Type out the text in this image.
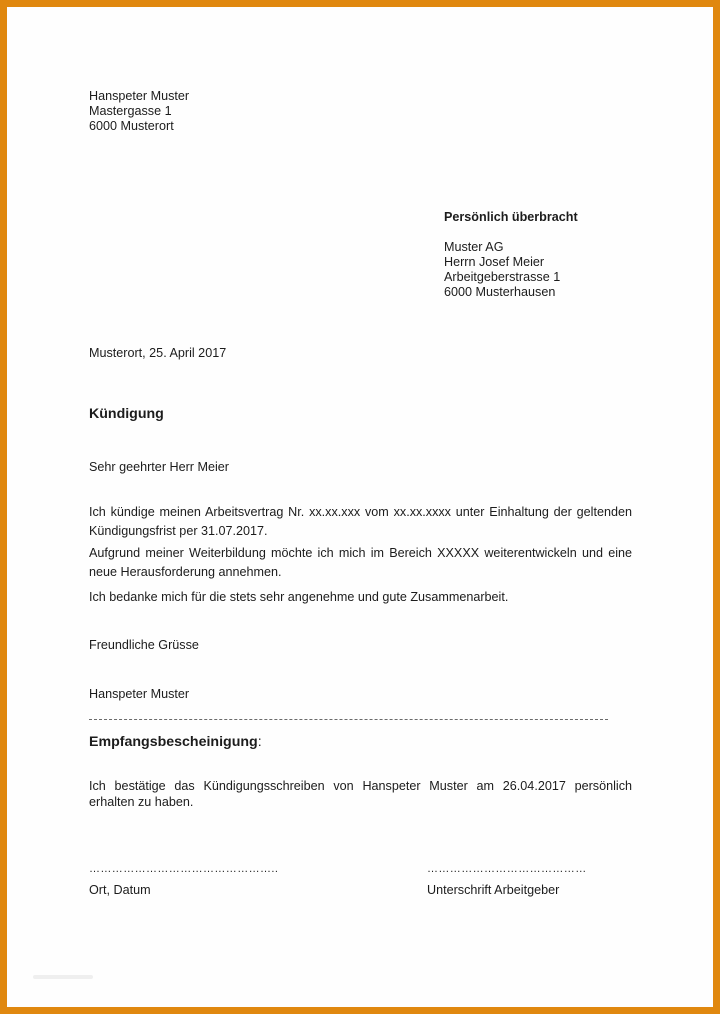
Hanspeter Muster
Mastergasse 1
6000 Musterort
Persönlich überbracht
Muster AG
Herrn Josef Meier
Arbeitgeberstrasse 1
6000 Musterhausen
Musterort, 25. April 2017
Kündigung
Sehr geehrter Herr Meier
Ich kündige meinen Arbeitsvertrag Nr. xx.xx.xxx vom xx.xx.xxxx unter Einhaltung der geltenden Kündigungsfrist per 31.07.2017.
Aufgrund meiner Weiterbildung möchte ich mich im Bereich XXXXX weiterentwickeln und eine neue Herausforderung annehmen.
Ich bedanke mich für die stets sehr angenehme und gute Zusammenarbeit.
Freundliche Grüsse
Hanspeter Muster
Empfangsbescheinigung:
Ich bestätige das Kündigungsschreiben von Hanspeter Muster am 26.04.2017 persönlich erhalten zu haben.
…………………………………………..
Ort, Datum
……………………………………
Unterschrift Arbeitgeber
